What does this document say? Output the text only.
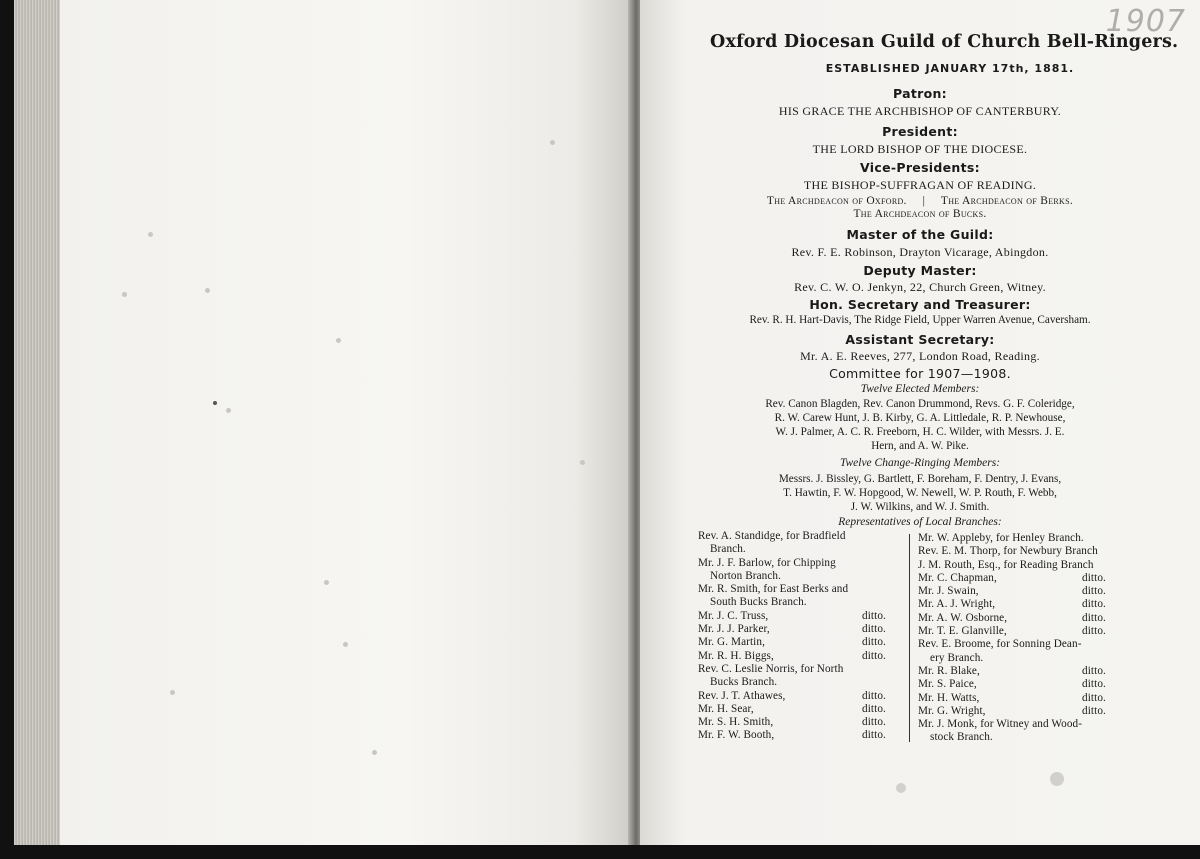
1907
Oxford Diocesan Guild of Church Bell-Ringers.
ESTABLISHED JANUARY 17th, 1881.
Patron:
HIS GRACE THE ARCHBISHOP OF CANTERBURY.
President:
THE LORD BISHOP OF THE DIOCESE.
Vice-Presidents:
THE BISHOP-SUFFRAGAN OF READING.
The Archdeacon of Oxford. | The Archdeacon of Berks.
The Archdeacon of Bucks.
Master of the Guild:
Rev. F. E. Robinson, Drayton Vicarage, Abingdon.
Deputy Master:
Rev. C. W. O. Jenkyn, 22, Church Green, Witney.
Hon. Secretary and Treasurer:
Rev. R. H. Hart-Davis, The Ridge Field, Upper Warren Avenue, Caversham.
Assistant Secretary:
Mr. A. E. Reeves, 277, London Road, Reading.
Committee for 1907—1908.
Twelve Elected Members:
Rev. Canon Blagden, Rev. Canon Drummond, Revs. G. F. Coleridge,
R. W. Carew Hunt, J. B. Kirby, G. A. Littledale, R. P. Newhouse,
W. J. Palmer, A. C. R. Freeborn, H. C. Wilder, with Messrs. J. E.
Hern, and A. W. Pike.
Twelve Change-Ringing Members:
Messrs. J. Bissley, G. Bartlett, F. Boreham, F. Dentry, J. Evans,
T. Hawtin, F. W. Hopgood, W. Newell, W. P. Routh, F. Webb,
J. W. Wilkins, and W. J. Smith.
Representatives of Local Branches:
Rev. A. Standidge, for Bradfield
Branch.
Mr. J. F. Barlow, for Chipping
Norton Branch.
Mr. R. Smith, for East Berks and
South Bucks Branch.
Mr. J. C. Truss,	ditto.
Mr. J. J. Parker,	ditto.
Mr. G. Martin,	ditto.
Mr. R. H. Biggs,	ditto.
Rev. C. Leslie Norris, for North
Bucks Branch.
Rev. J. T. Athawes,	ditto.
Mr. H. Sear,	ditto.
Mr. S. H. Smith,	ditto.
Mr. F. W. Booth,	ditto.
Mr. W. Appleby, for Henley Branch.
Rev. E. M. Thorp, for Newbury Branch
J. M. Routh, Esq., for Reading Branch
Mr. C. Chapman,	ditto.
Mr. J. Swain,	ditto.
Mr. A. J. Wright,	ditto.
Mr. A. W. Osborne,	ditto.
Mr. T. E. Glanville,	ditto.
Rev. E. Broome, for Sonning Dean-
ery Branch.
Mr. R. Blake,	ditto.
Mr. S. Paice,	ditto.
Mr. H. Watts,	ditto.
Mr. G. Wright,	ditto.
Mr. J. Monk, for Witney and Wood-
stock Branch.
